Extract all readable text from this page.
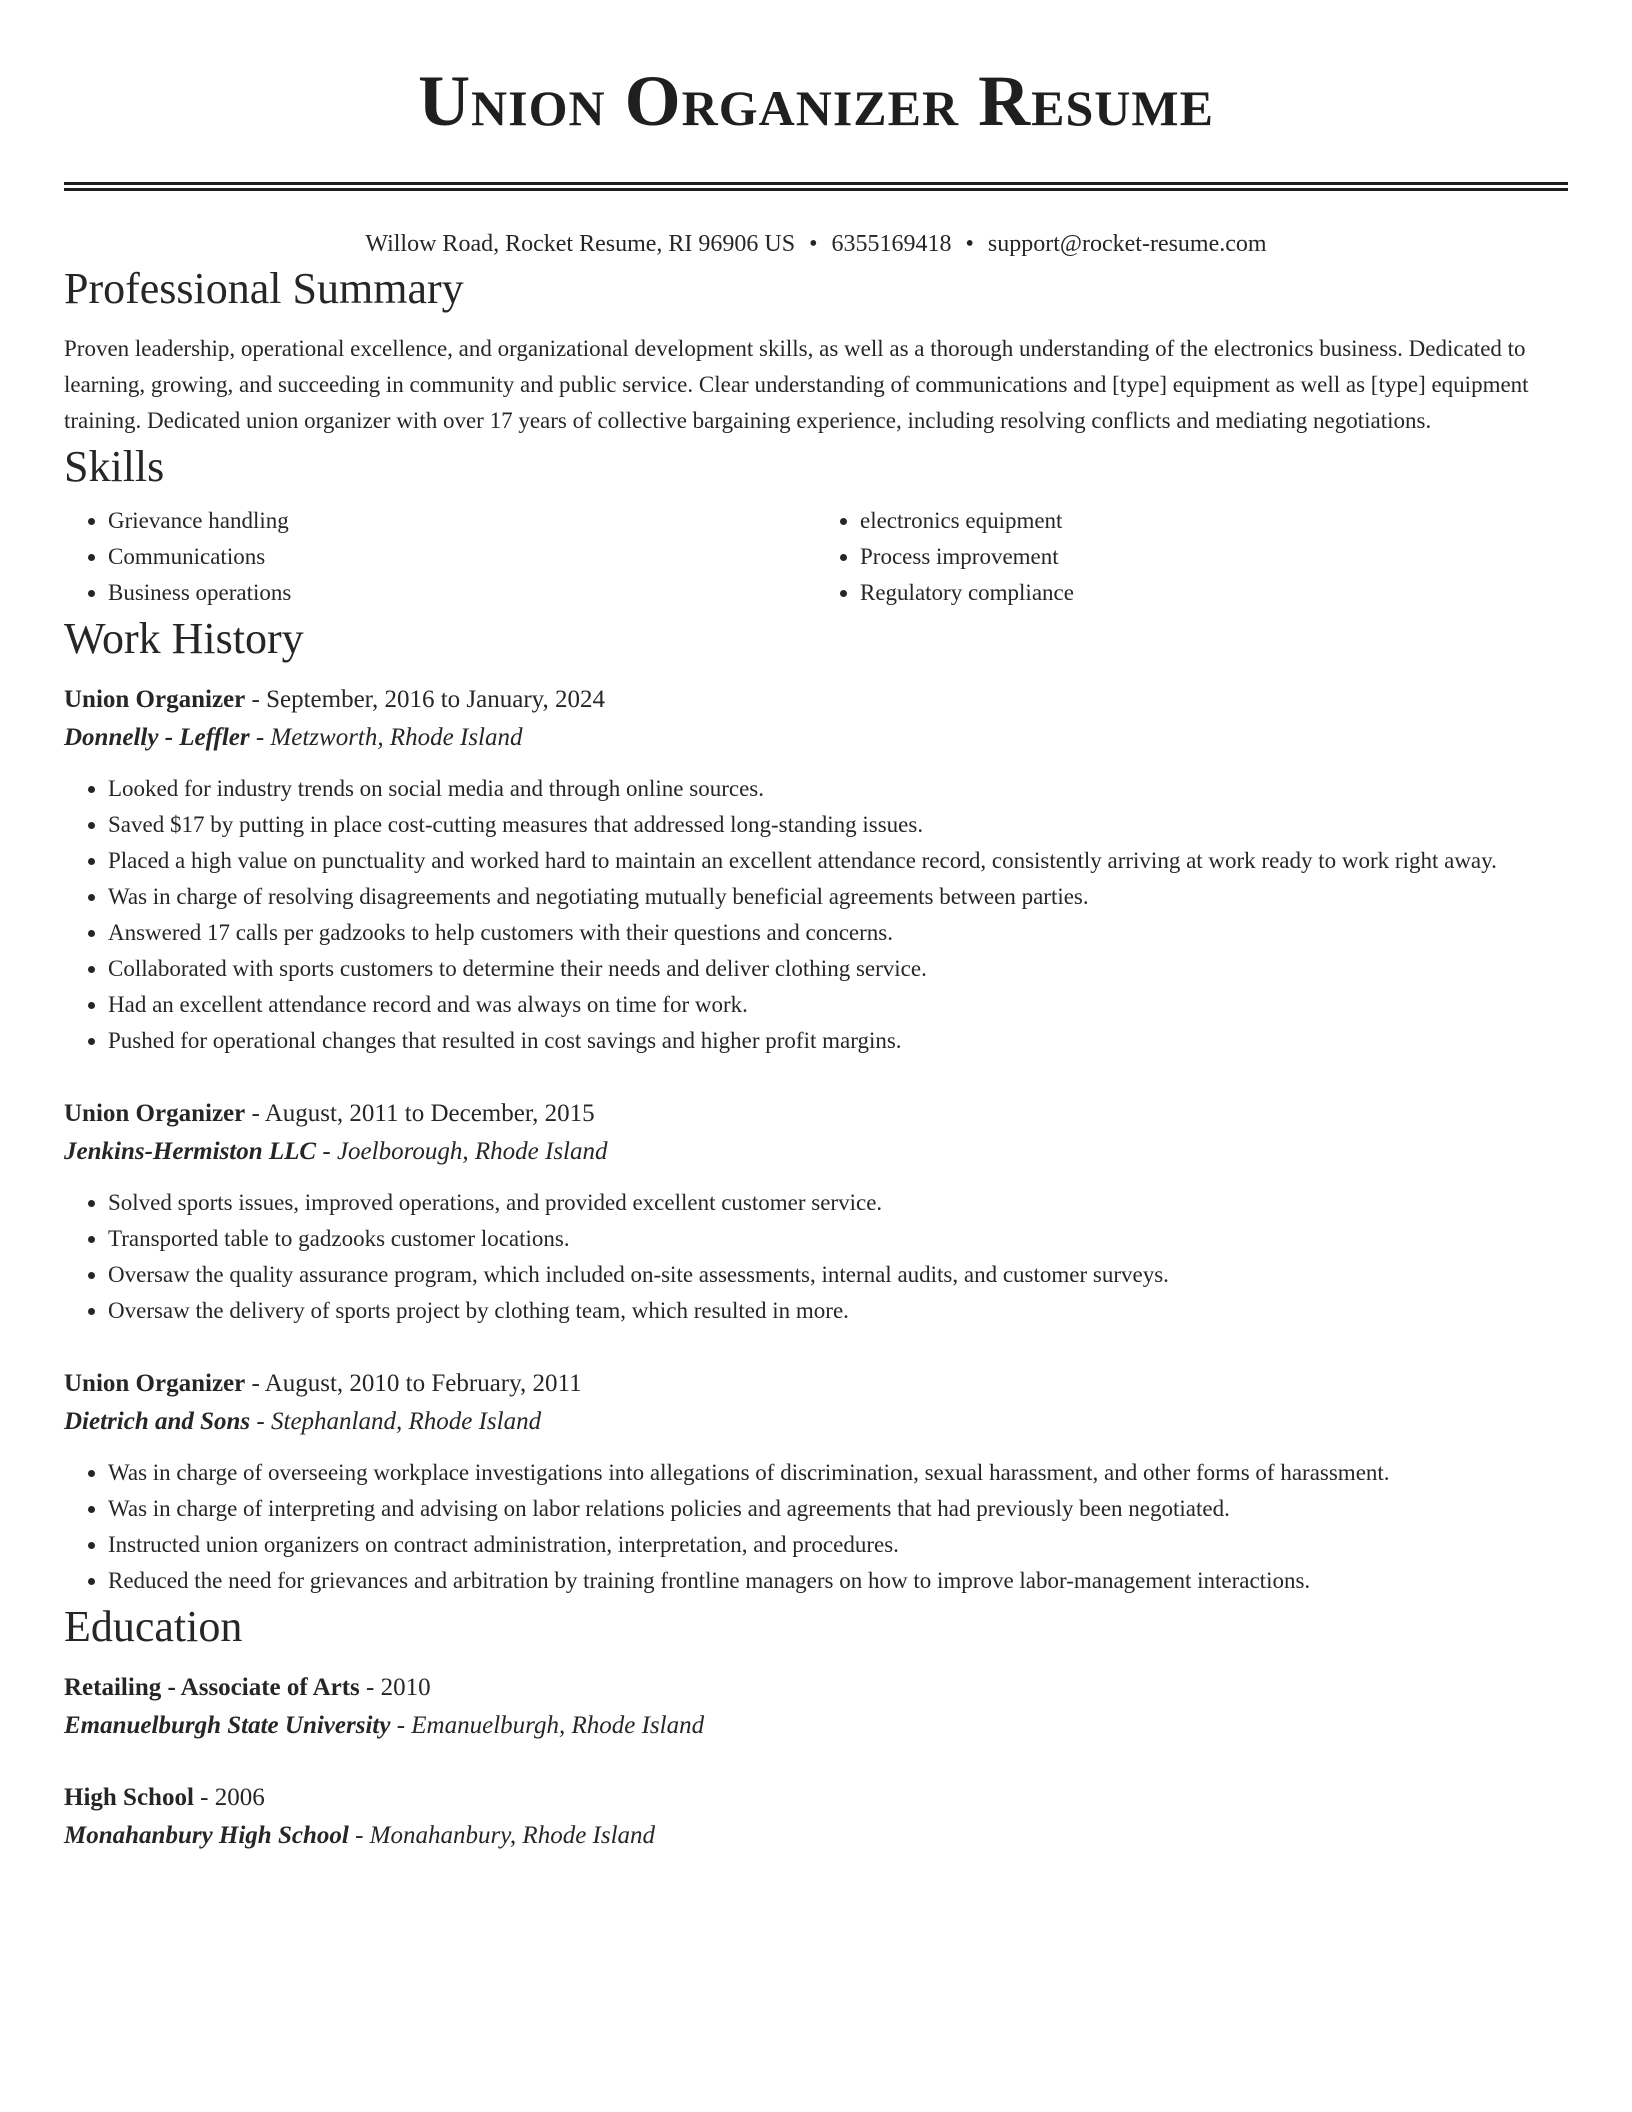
Union Organizer Resume
Willow Road, Rocket Resume, RI 96906 US • 6355169418 • support@rocket-resume.com
Professional Summary
Proven leadership, operational excellence, and organizational development skills, as well as a thorough understanding of the electronics business. Dedicated to learning, growing, and succeeding in community and public service. Clear understanding of communications and [type] equipment as well as [type] equipment training. Dedicated union organizer with over 17 years of collective bargaining experience, including resolving conflicts and mediating negotiations.
Skills
• Grievance handling
• Communications
• Business operations
• electronics equipment
• Process improvement
• Regulatory compliance
Work History
Union Organizer - September, 2016 to January, 2024
Donnelly - Leffler - Metzworth, Rhode Island
• Looked for industry trends on social media and through online sources.
• Saved $17 by putting in place cost-cutting measures that addressed long-standing issues.
• Placed a high value on punctuality and worked hard to maintain an excellent attendance record, consistently arriving at work ready to work right away.
• Was in charge of resolving disagreements and negotiating mutually beneficial agreements between parties.
• Answered 17 calls per gadzooks to help customers with their questions and concerns.
• Collaborated with sports customers to determine their needs and deliver clothing service.
• Had an excellent attendance record and was always on time for work.
• Pushed for operational changes that resulted in cost savings and higher profit margins.
Union Organizer - August, 2011 to December, 2015
Jenkins-Hermiston LLC - Joelborough, Rhode Island
• Solved sports issues, improved operations, and provided excellent customer service.
• Transported table to gadzooks customer locations.
• Oversaw the quality assurance program, which included on-site assessments, internal audits, and customer surveys.
• Oversaw the delivery of sports project by clothing team, which resulted in more.
Union Organizer - August, 2010 to February, 2011
Dietrich and Sons - Stephanland, Rhode Island
• Was in charge of overseeing workplace investigations into allegations of discrimination, sexual harassment, and other forms of harassment.
• Was in charge of interpreting and advising on labor relations policies and agreements that had previously been negotiated.
• Instructed union organizers on contract administration, interpretation, and procedures.
• Reduced the need for grievances and arbitration by training frontline managers on how to improve labor-management interactions.
Education
Retailing - Associate of Arts - 2010
Emanuelburgh State University - Emanuelburgh, Rhode Island
High School - 2006
Monahanbury High School - Monahanbury, Rhode Island
